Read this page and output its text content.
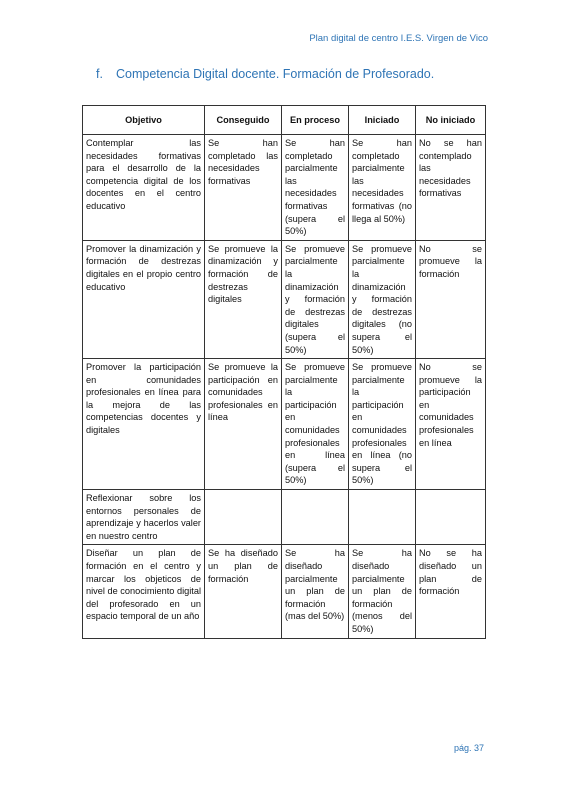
Plan digital de centro I.E.S. Virgen de Vico
f. Competencia Digital docente. Formación de Profesorado.
Objetivo	Conseguido	En proceso	Iniciado	No iniciado
Contemplar las necesidades formativas para el desarrollo de la competencia digital de los docentes en el centro educativo	Se han completado las necesidades formativas	Se han completado parcialmente las necesidades formativas (supera el 50%)	Se han completado parcialmente las necesidades formativas (no llega al 50%)	No se han contemplado las necesidades formativas
Promover la dinamización y formación de destrezas digitales en el propio centro educativo	Se promueve la dinamización y formación de destrezas digitales	Se promueve parcialmente la dinamización y formación de destrezas digitales (supera el 50%)	Se promueve parcialmente la dinamización y formación de destrezas digitales (no supera el 50%)	No se promueve la formación
Promover la participación en comunidades profesionales en línea para la mejora de las competencias docentes y digitales	Se promueve la participación en comunidades profesionales en línea	Se promueve parcialmente la participación en comunidades profesionales en línea (supera el 50%)	Se promueve parcialmente la participación en comunidades profesionales en línea (no supera el 50%)	No se promueve la participación en comunidades profesionales en línea
Reflexionar sobre los entornos personales de aprendizaje y hacerlos valer en nuestro centro				
Diseñar un plan de formación en el centro y marcar los objeticos de nivel de conocimiento digital del profesorado en un espacio temporal de un año	Se ha diseñado un plan de formación	Se ha diseñado parcialmente un plan de formación (mas del 50%)	Se ha diseñado parcialmente un plan de formación (menos del 50%)	No se ha diseñado un plan de formación
pág. 37
